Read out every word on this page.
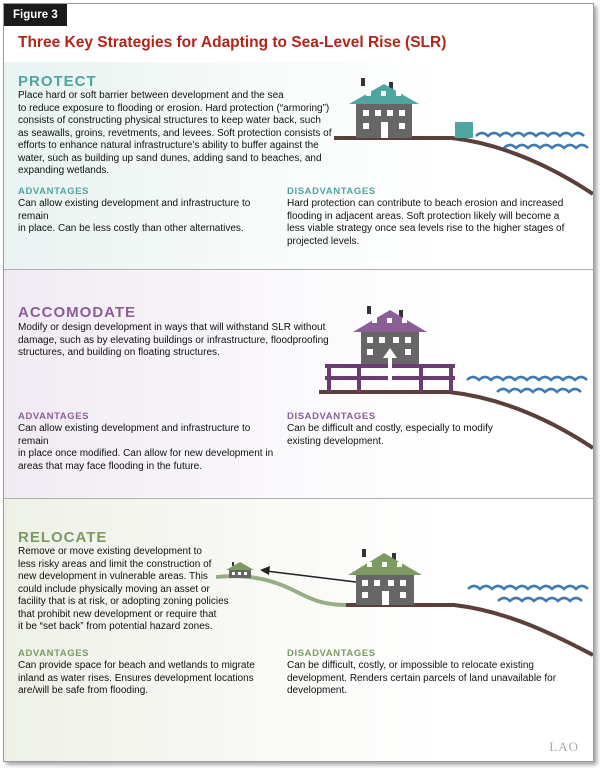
Figure 3
Three Key Strategies for Adapting to Sea-Level Rise (SLR)
PROTECT
Place hard or soft barrier between development and the sea
to reduce exposure to flooding or erosion. Hard protection (“armoring”)
consists of constructing physical structures to keep water back, such
as seawalls, groins, revetments, and levees. Soft protection consists of
efforts to enhance natural infrastructure’s ability to buffer against the
water, such as building up sand dunes, adding sand to beaches, and
expanding wetlands.
ADVANTAGES
Can allow existing development and infrastructure to remain
in place. Can be less costly than other alternatives.
DISADVANTAGES
Hard protection can contribute to beach erosion and increased
flooding in adjacent areas. Soft protection likely will become a
less viable strategy once sea levels rise to the higher stages of
projected levels.
ACCOMODATE
Modify or design development in ways that will withstand SLR without
damage, such as by elevating buildings or infrastructure, floodproofing
structures, and building on floating structures.
ADVANTAGES
Can allow existing development and infrastructure to remain
in place once modified. Can allow for new development in
areas that may face flooding in the future.
DISADVANTAGES
Can be difficult and costly, especially to modify
existing development.
RELOCATE
Remove or move existing development to
less risky areas and limit the construction of
new development in vulnerable areas. This
could include physically moving an asset or
facility that is at risk, or adopting zoning policies
that prohibit new development or require that
it be “set back” from potential hazard zones.
ADVANTAGES
Can provide space for beach and wetlands to migrate
inland as water rises. Ensures development locations
are/will be safe from flooding.
DISADVANTAGES
Can be difficult, costly, or impossible to relocate existing
development. Renders certain parcels of land unavailable for
development.
LAO
